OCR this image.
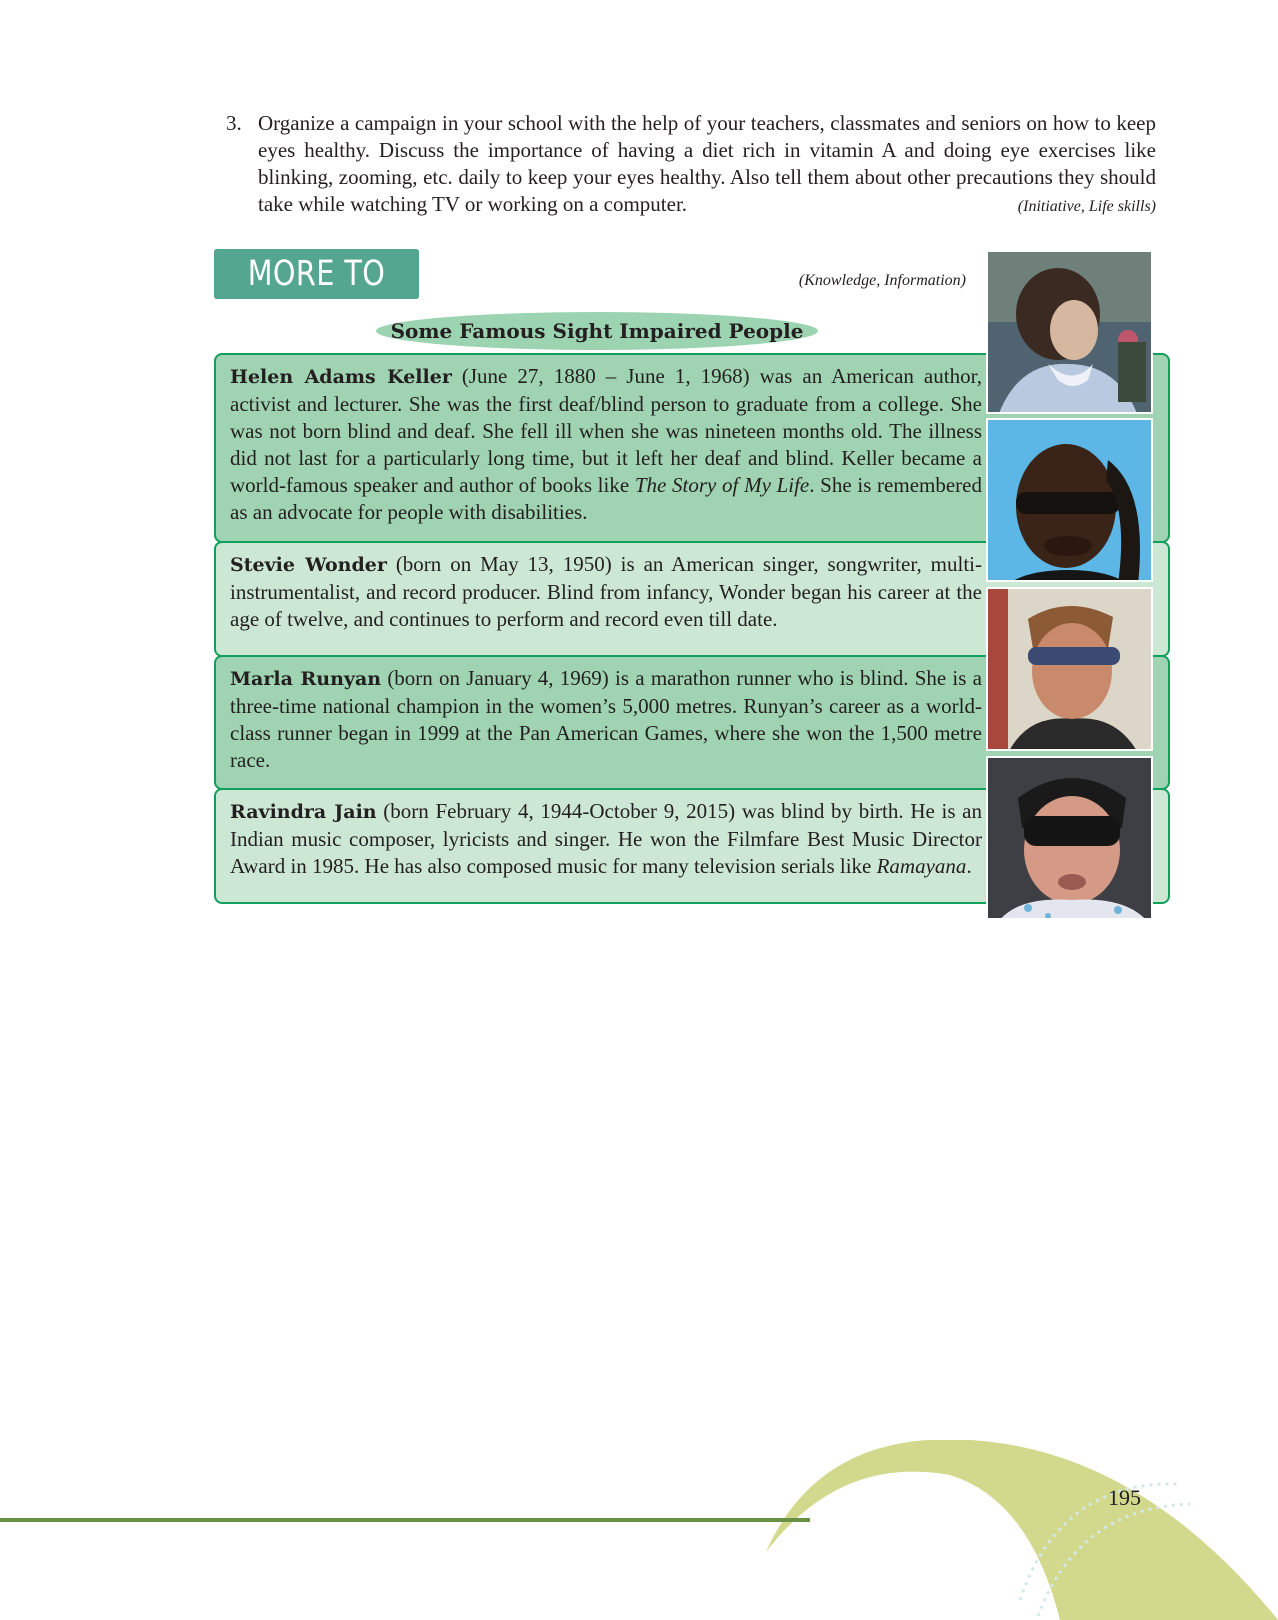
3. Organize a campaign in your school with the help of your teachers, classmates and seniors on how to keep eyes healthy. Discuss the importance of having a diet rich in vitamin A and doing eye exercises like blinking, zooming, etc. daily to keep your eyes healthy. Also tell them about other precautions they should take while watching TV or working on a computer.	(Initiative, Life skills)
MORE TO KNOW
(Knowledge, Information)
Helen Adams Keller (June 27, 1880 – June 1, 1968) was an American author, activist and lecturer. She was the first deaf/blind person to graduate from a college. She was not born blind and deaf. She fell ill when she was nineteen months old. The illness did not last for a particularly long time, but it left her deaf and blind. Keller became a world-famous speaker and author of books like The Story of My Life. She is remembered as an advocate for people with disabilities.
Stevie Wonder (born on May 13, 1950) is an American singer, songwriter, multi-instrumentalist, and record producer. Blind from infancy, Wonder began his career at the age of twelve, and continues to perform and record even till date.
Marla Runyan (born on January 4, 1969) is a marathon runner who is blind. She is a three-time national champion in the women’s 5,000 metres. Runyan’s career as a world-class runner began in 1999 at the Pan American Games, where she won the 1,500 metre race.
Ravindra Jain (born February 4, 1944-October 9, 2015) was blind by birth. He is an Indian music composer, lyricists and singer. He won the Filmfare Best Music Director Award in 1985. He has also composed music for many television serials like Ramayana.
Some Famous Sight Impaired People
195
